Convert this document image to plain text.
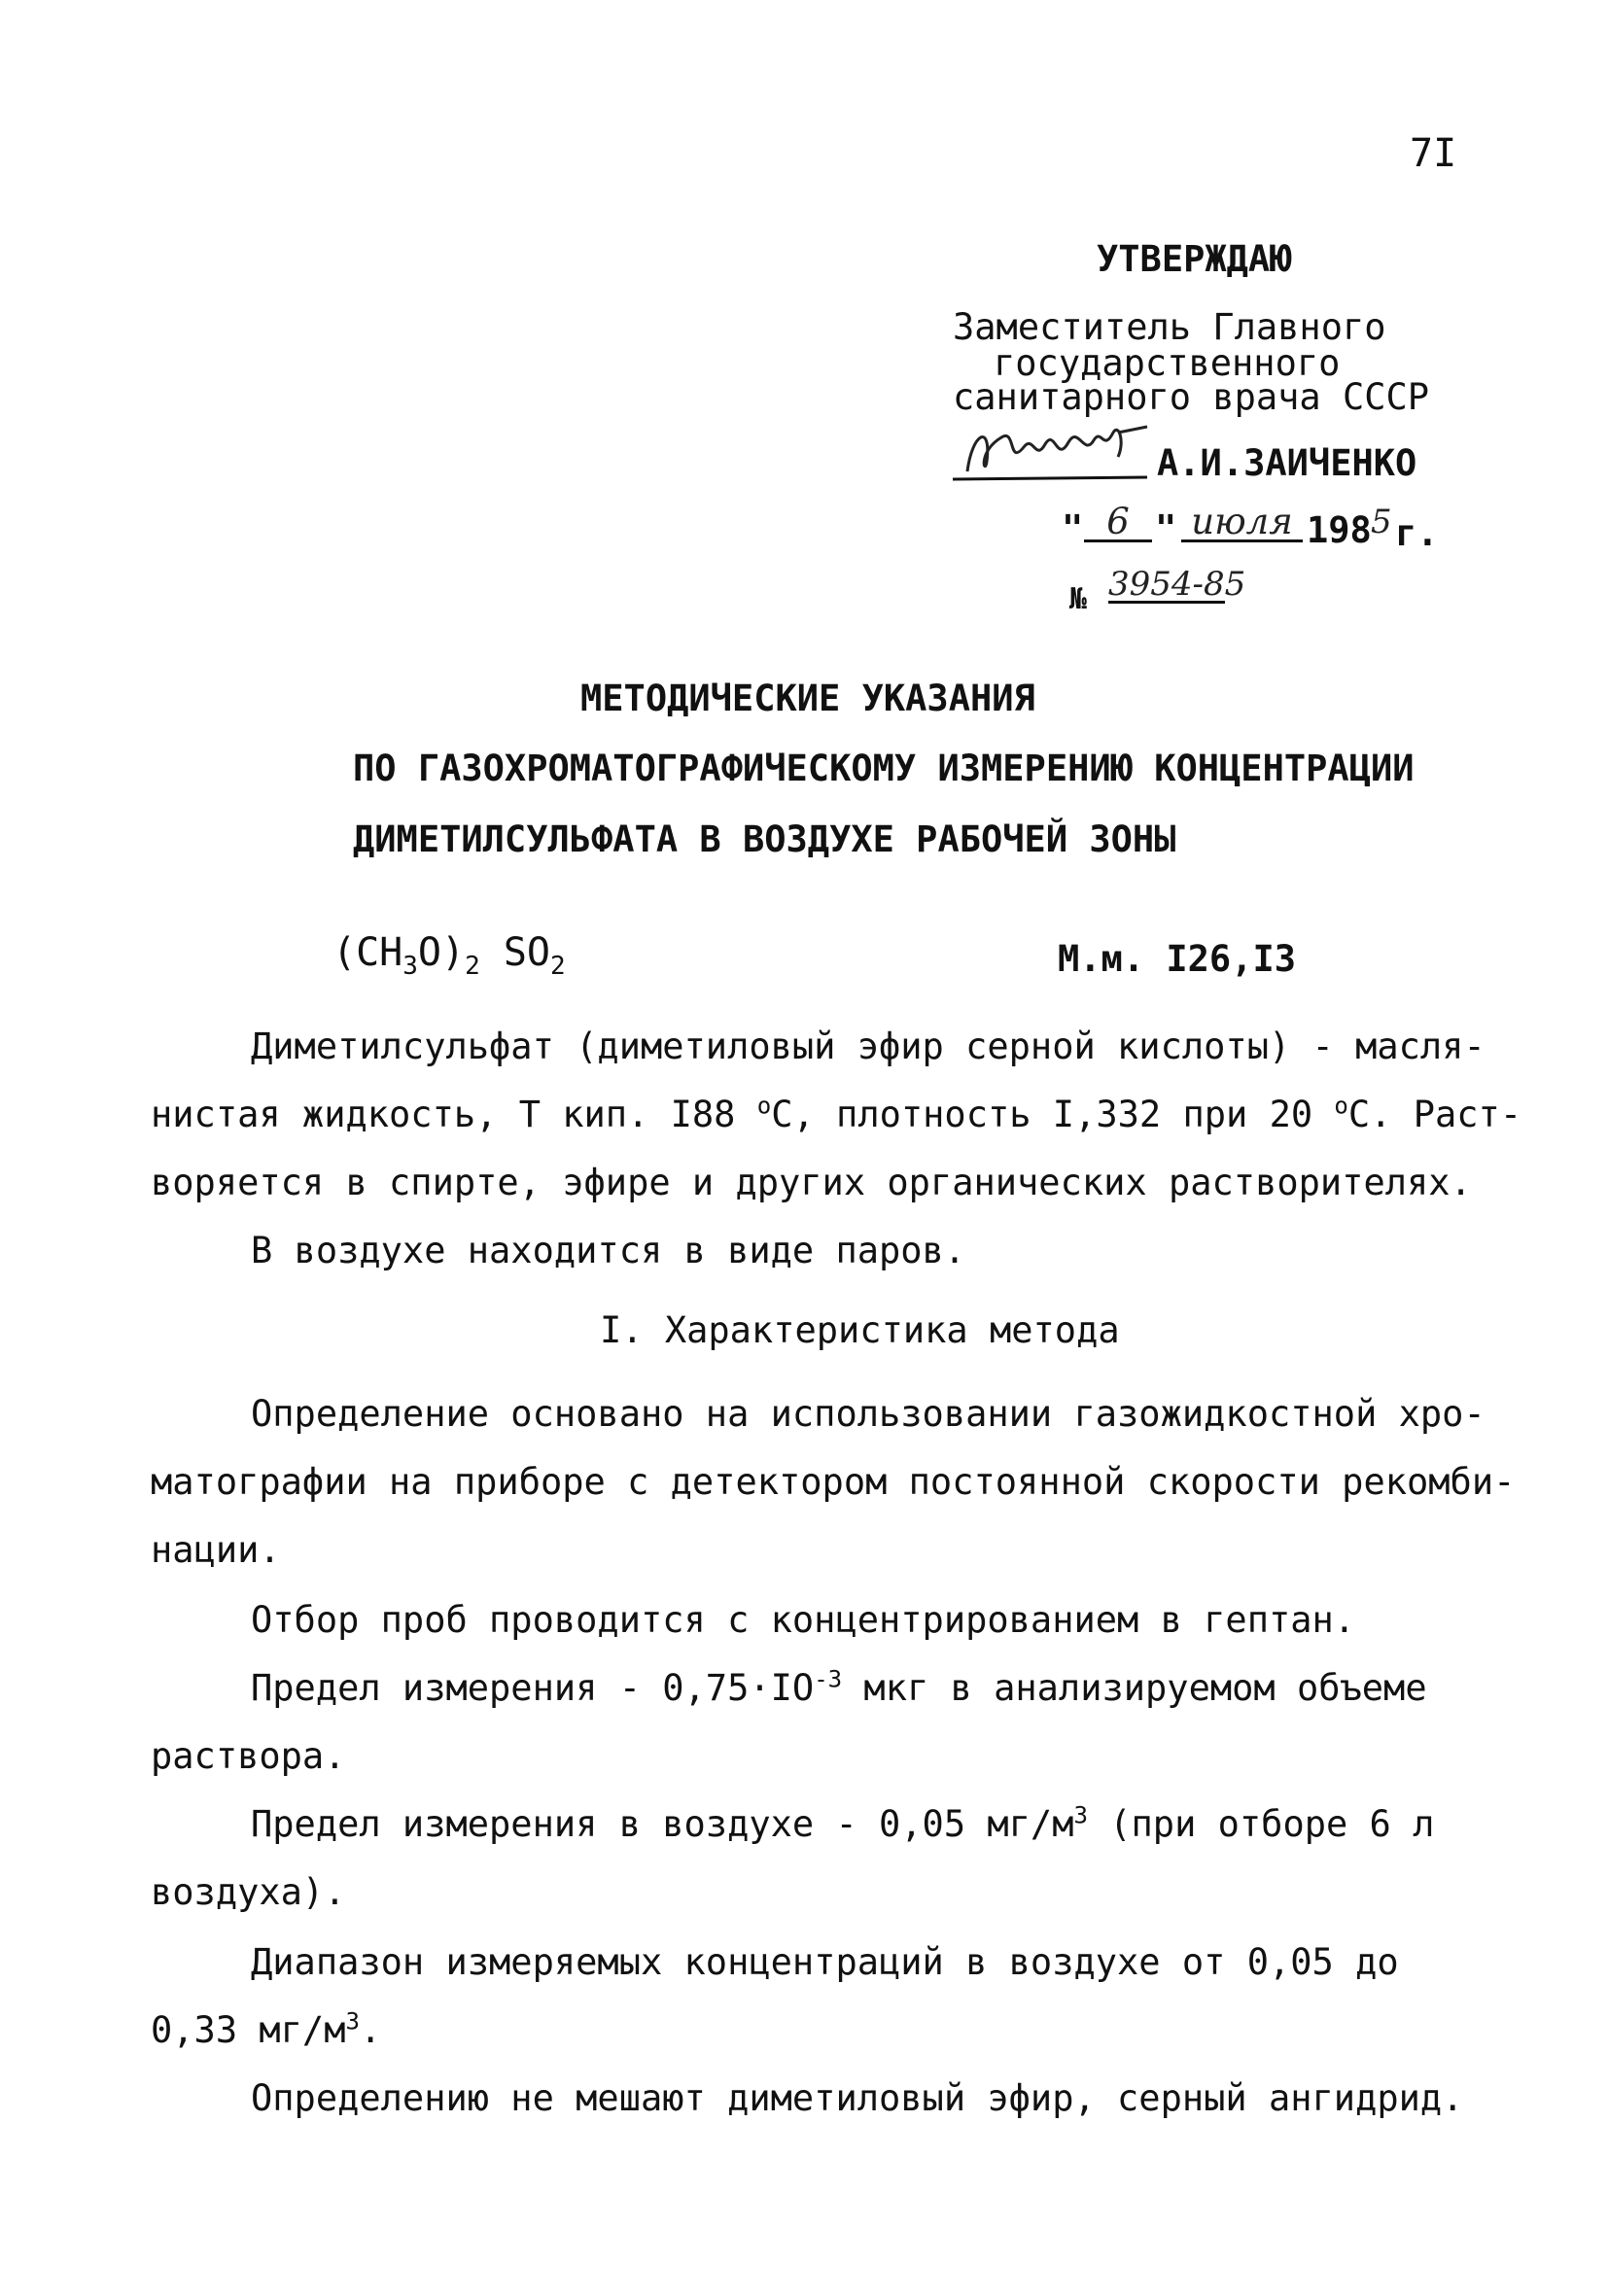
7I
УТВЕРЖДАЮ
Заместитель Главного
государственного
санитарного врача СССР
А.И.ЗАИЧЕНКО
" 6 " июля 198 5 г.
№ 3954-85
МЕТОДИЧЕСКИЕ УКАЗАНИЯ
ПО ГАЗОХРОМАТОГРАФИЧЕСКОМУ ИЗМЕРЕНИЮ КОНЦЕНТРАЦИИ
ДИМЕТИЛСУЛЬФАТА В ВОЗДУХЕ РАБОЧЕЙ ЗОНЫ
$(CH_3O)_2$ $SO_2$	М.м. I26,I3
Диметилсульфат (диметиловый эфир серной кислоты) - масля-
нистая жидкость, Т кип. I88 $^o$С, плотность I,332 при 20 $^o$С. Раст-
воряется в спирте, эфире и других органических растворителях.
В воздухе находится в виде паров.
I. Характеристика метода
Определение основано на использовании газожидкостной хро-
матографии на приборе с детектором постоянной скорости рекомби-
нации.
Отбор проб проводится с концентрированием в гептан.
Предел измерения - $0,75\cdot IO^{-3}$ мкг в анализируемом объеме
раствора.
Предел измерения в воздухе - 0,05 $мг/м^3$ (при отборе 6 л
воздуха).
Диапазон измеряемых концентраций в воздухе от 0,05 до
0,33 $мг/м^3$.
Определению не мешают диметиловый эфир, серный ангидрид.
